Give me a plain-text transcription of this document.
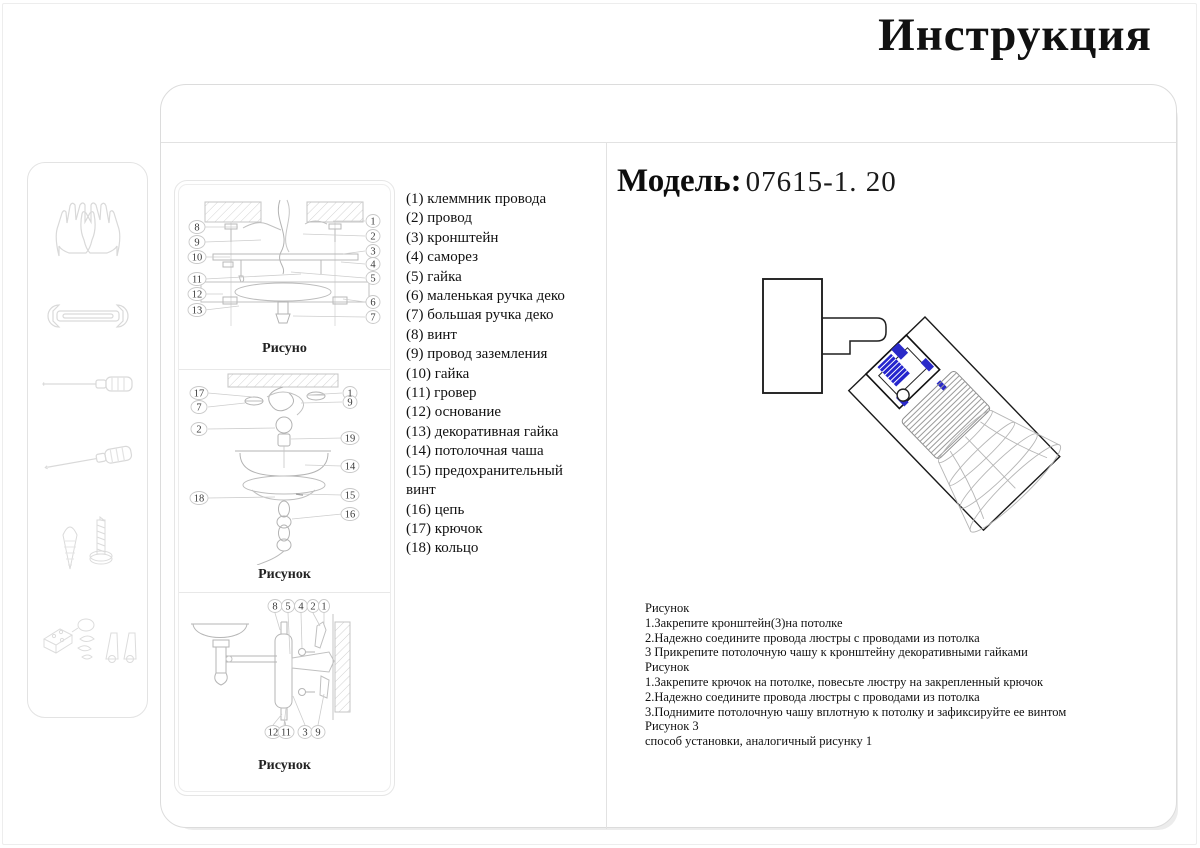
Инструкция
8
9
10
11
12
13
1
2
3
4
5
6
7
Рисуно
17
7
2
18
1
9
19
14
15
16
Рисунок
8 5 4 2 1
12 11 3 9
Рисунок
(1) клеммник провода
(2) провод
(3) кронштейн
(4) саморез
(5) гайка
(6) маленькая ручка деко
(7) большая ручка деко
(8) винт
(9) провод заземления
(10) гайка
(11) гровер
(12) основание
(13) декоративная гайка
(14) потолочная чаша
(15) предохранительный
винт
(16) цепь
(17) крючок
(18) кольцо
Модель: 07615-1. 20
Рисунок
1.Закрепите кронштейн(3)на потолке
2.Надежно соедините провода люстры с проводами из потолка
3 Прикрепите потолочную чашу к кронштейну декоративными гайками
Рисунок
1.Закрепите крючок на потолке, повесьте люстру на закрепленный крючок
2.Надежно соедините провода люстры с проводами из потолка
3.Поднимите потолочную чашу вплотную к потолку и зафиксируйте ее винтом
Рисунок 3
способ установки, аналогичный рисунку 1
